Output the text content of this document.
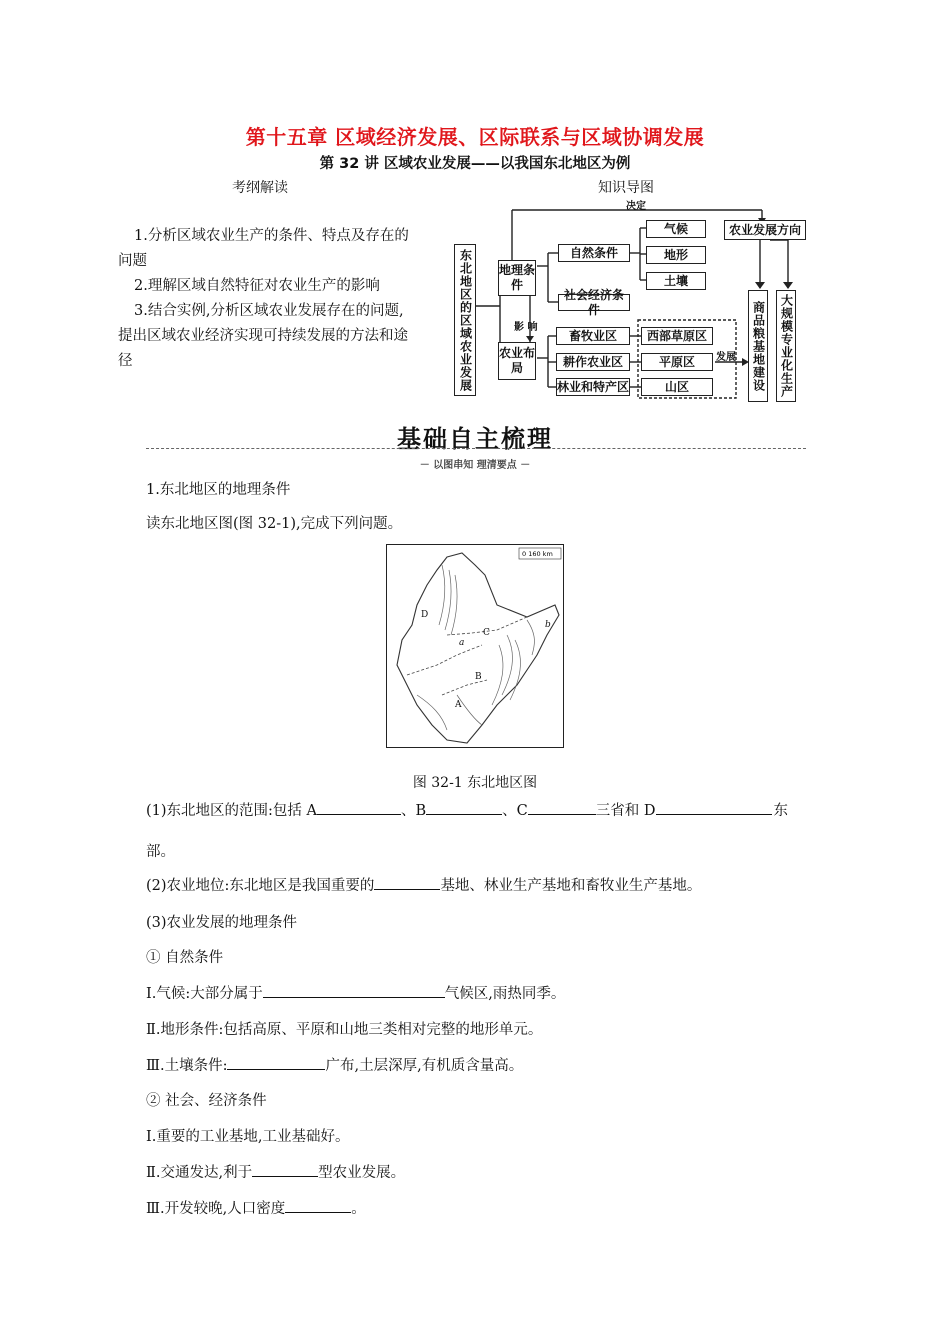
第十五章 区域经济发展、区际联系与区域协调发展
第 32 讲 区域农业发展——以我国东北地区为例
考纲解读	知识导图

1.分析区域农业生产的条件、特点及存在的问题

2.理解区域自然特征对农业生产的影响

3.结合实例,分析区域农业发展存在的问题,提出区域农业经济实现可持续发展的方法和途径	东北地区的区域农业发展 地理条件
农业布局
自然条件
社会经济条件
气候
地形
土壤
农业发展方向
商品粮基地建设 大规模专业化生产
畜牧业区
耕作农业区
林业和特产区
西部草原区
平原区
山区
决定
影 响
发展
基础自主梳理
－ 以图串知 理清要点 －
1.东北地区的地理条件
读东北地区图(图 32-1),完成下列问题。
0 160 km
D
C
a
b
B
A
图 32-1 东北地区图
(1)东北地区的范围:包括 A	、B	、C	三省和 D	东
部。
(2)农业地位:东北地区是我国重要的	基地、林业生产基地和畜牧业生产基地。
(3)农业发展的地理条件
① 自然条件
Ⅰ.气候:大部分属于	气候区,雨热同季。
Ⅱ.地形条件:包括高原、平原和山地三类相对完整的地形单元。
Ⅲ.土壤条件:	广布,土层深厚,有机质含量高。
② 社会、经济条件
Ⅰ.重要的工业基地,工业基础好。
Ⅱ.交通发达,利于	型农业发展。
Ⅲ.开发较晚,人口密度	。
